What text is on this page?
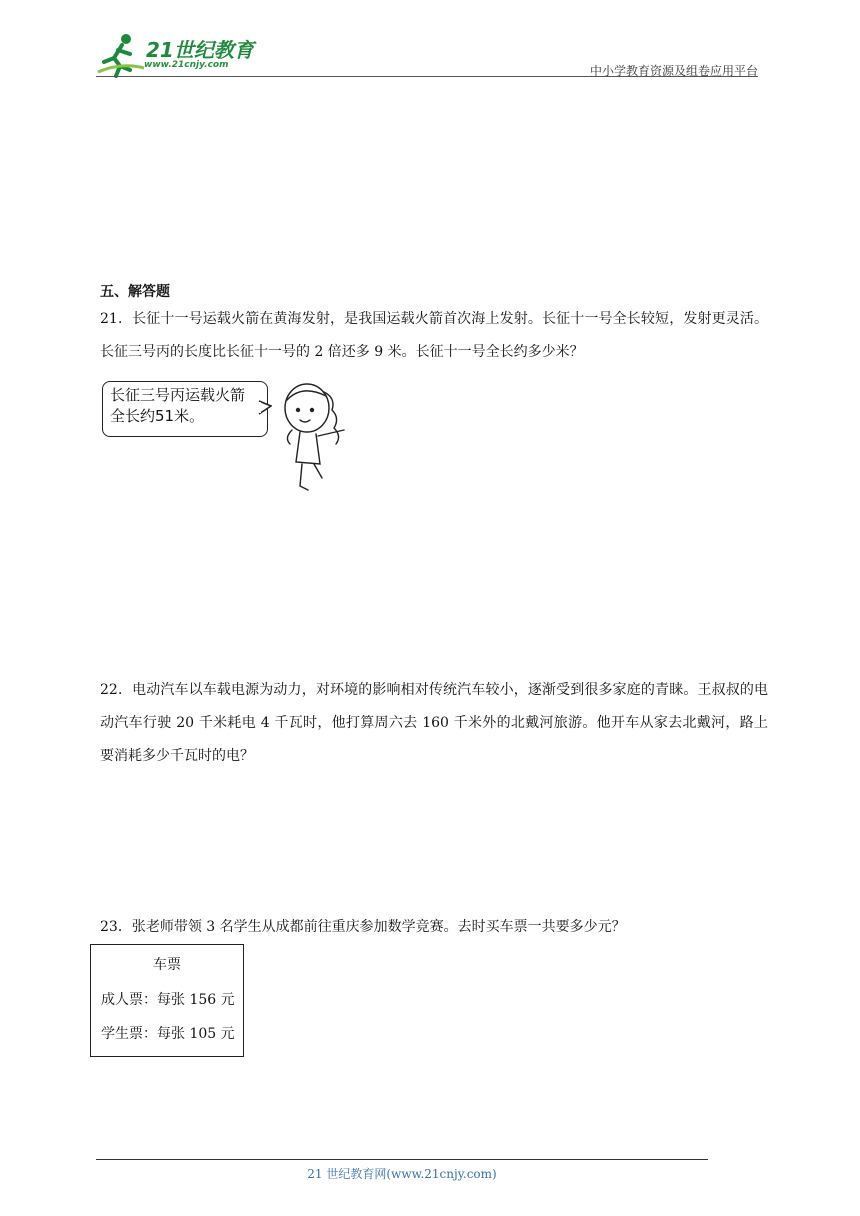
21世纪教育
www.21cnjy.com	中小学教育资源及组卷应用平台
五、解答题
21．长征十一号运载火箭在黄海发射，是我国运载火箭首次海上发射。长征十一号全长较短，发射更灵活。长征三号丙的长度比长征十一号的 2 倍还多 9 米。长征十一号全长约多少米？
长征三号丙运载火箭
全长约51米。
22．电动汽车以车载电源为动力，对环境的影响相对传统汽车较小，逐渐受到很多家庭的青睐。王叔叔的电动汽车行驶 20 千米耗电 4 千瓦时，他打算周六去 160 千米外的北戴河旅游。他开车从家去北戴河，路上要消耗多少千瓦时的电？
23．张老师带领 3 名学生从成都前往重庆参加数学竞赛。去时买车票一共要多少元？
车票
成人票：每张 156 元
学生票：每张 105 元
21 世纪教育网(www.21cnjy.com)
